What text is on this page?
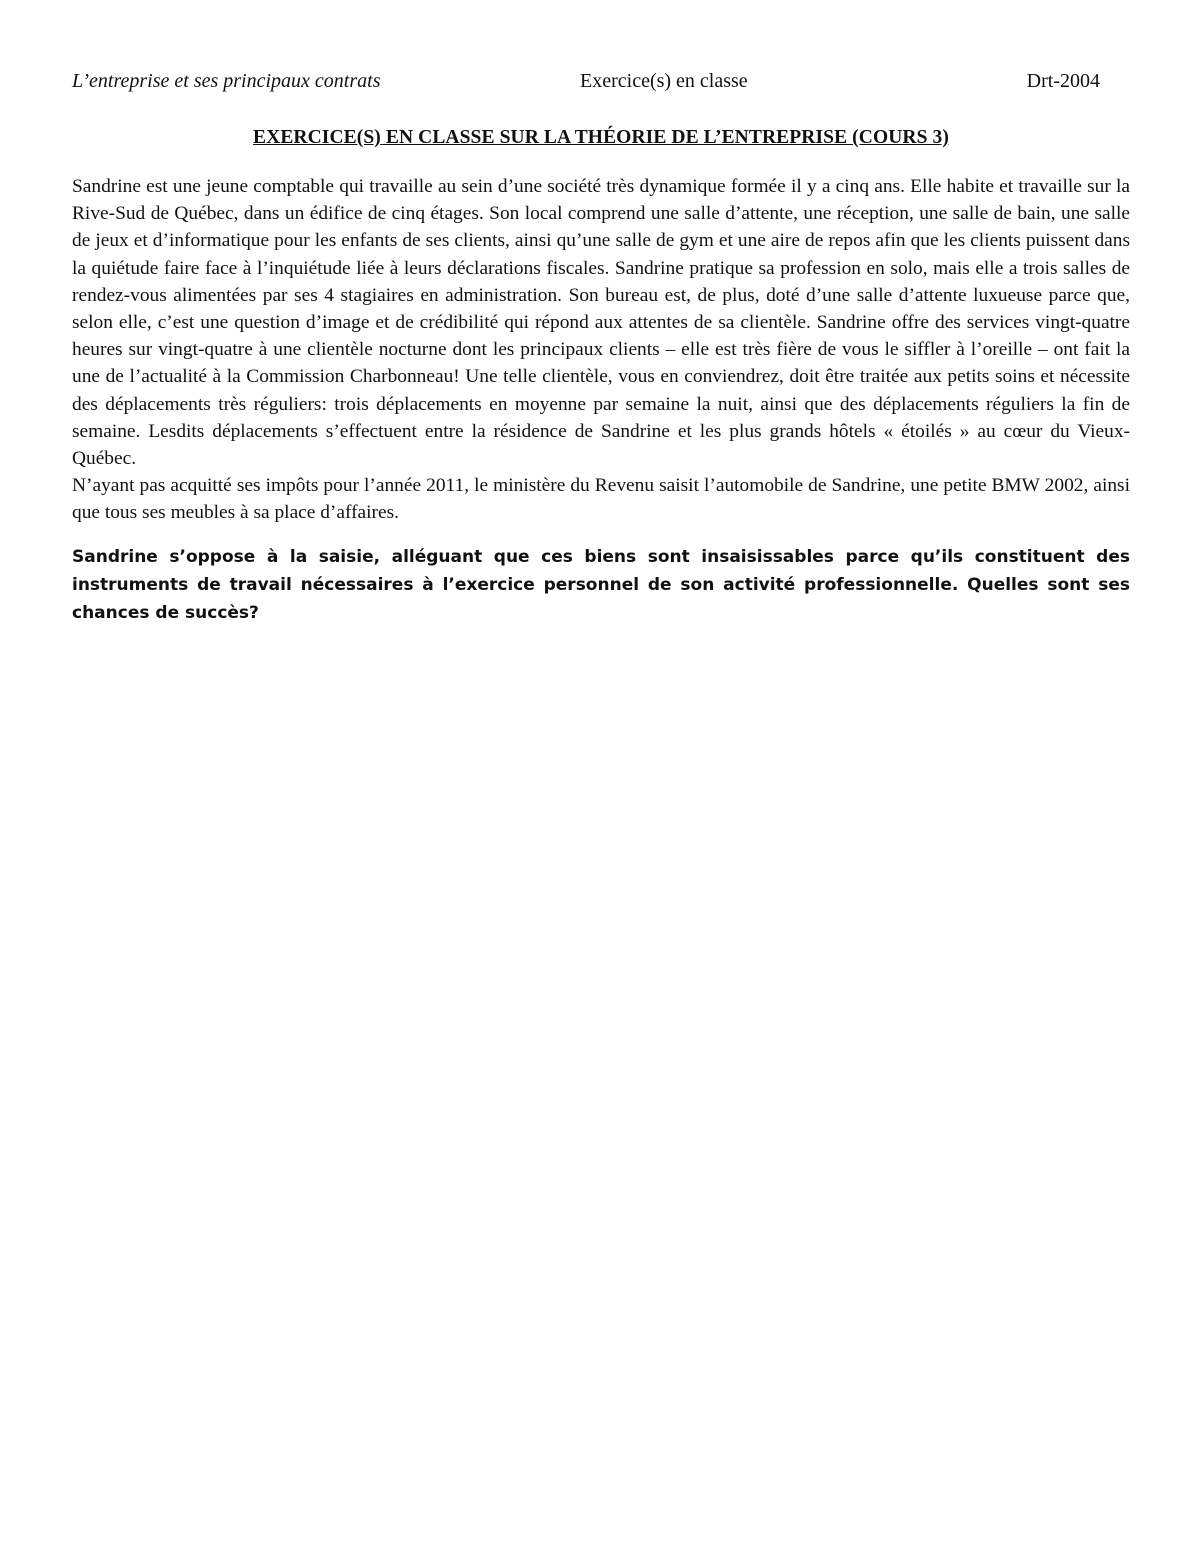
L’entreprise et ses principaux contrats	Exercice(s) en classe	Drt-2004
EXERCICE(S) EN CLASSE SUR LA THÉORIE DE L’ENTREPRISE (COURS 3)

Sandrine est une jeune comptable qui travaille au sein d’une société très dynamique formée il y a cinq ans. Elle habite et travaille sur la Rive-Sud de Québec, dans un édifice de cinq étages. Son local comprend une salle d’attente, une réception, une salle de bain, une salle de jeux et d’informatique pour les enfants de ses clients, ainsi qu’une salle de gym et une aire de repos afin que les clients puissent dans la quiétude faire face à l’inquiétude liée à leurs déclarations fiscales. Sandrine pratique sa profession en solo, mais elle a trois salles de rendez-vous alimentées par ses 4 stagiaires en administration. Son bureau est, de plus, doté d’une salle d’attente luxueuse parce que, selon elle, c’est une question d’image et de crédibilité qui répond aux attentes de sa clientèle. Sandrine offre des services vingt-quatre heures sur vingt-quatre à une clientèle nocturne dont les principaux clients – elle est très fière de vous le siffler à l’oreille – ont fait la une de l’actualité à la Commission Charbonneau! Une telle clientèle, vous en conviendrez, doit être traitée aux petits soins et nécessite des déplacements très réguliers: trois déplacements en moyenne par semaine la nuit, ainsi que des déplacements réguliers la fin de semaine. Lesdits déplacements s’effectuent entre la résidence de Sandrine et les plus grands hôtels « étoilés » au cœur du Vieux-Québec.

N’ayant pas acquitté ses impôts pour l’année 2011, le ministère du Revenu saisit l’automobile de Sandrine, une petite BMW 2002, ainsi que tous ses meubles à sa place d’affaires.

Sandrine s’oppose à la saisie, alléguant que ces biens sont insaisissables parce qu’ils constituent des instruments de travail nécessaires à l’exercice personnel de son activité professionnelle. Quelles sont ses chances de succès?
